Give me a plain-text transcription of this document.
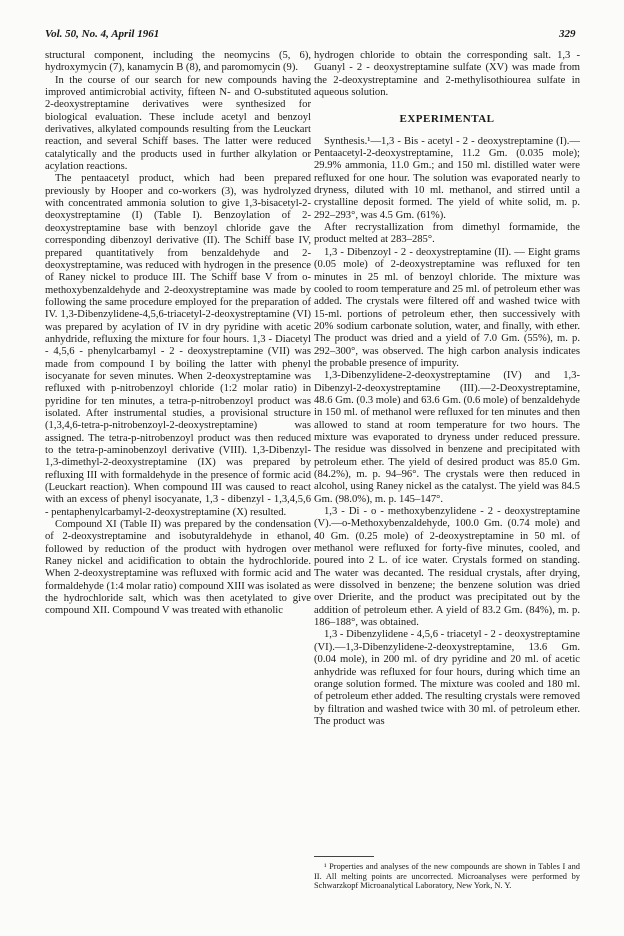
Vol. 50, No. 4, April 1961	329

structural component, including the neomycins (5, 6), hydroxymycin (7), kanamycin B (8), and paromomycin (9).

In the course of our search for new compounds having improved antimicrobial activity, fifteen N- and O-substituted 2-deoxystreptamine derivatives were synthesized for biological evaluation. These include acetyl and benzoyl derivatives, alkylated compounds resulting from the Leuckart reaction, and several Schiff bases. The latter were reduced catalytically and the products used in further alkylation or acylation reactions.

The pentaacetyl product, which had been prepared previously by Hooper and co-workers (3), was hydrolyzed with concentrated ammonia solution to give 1,3-bisacetyl-2-deoxystreptamine (I) (Table I). Benzoylation of 2-deoxystreptamine base with benzoyl chloride gave the corresponding dibenzoyl derivative (II). The Schiff base IV, prepared quantitatively from benzaldehyde and 2-deoxystreptamine, was reduced with hydrogen in the presence of Raney nickel to produce III. The Schiff base V from o-methoxybenzaldehyde and 2-deoxystreptamine was made by following the same procedure employed for the preparation of IV. 1,3-Dibenzylidene-4,5,6-triacetyl-2-deoxystreptamine (VI) was prepared by acylation of IV in dry pyridine with acetic anhydride, refluxing the mixture for four hours. 1,3 - Diacetyl - 4,5,6 - phenylcarbamyl - 2 - deoxystreptamine (VII) was made from compound I by boiling the latter with phenyl isocyanate for seven minutes. When 2-deoxystreptamine was refluxed with p-nitrobenzoyl chloride (1:2 molar ratio) in pyridine for ten minutes, a tetra-p-nitrobenzoyl product was isolated. After instrumental studies, a provisional structure (1,3,4,6-tetra-p-nitrobenzoyl-2-deoxystreptamine) was assigned. The tetra-p-nitrobenzoyl product was then reduced to the tetra-p-aminobenzoyl derivative (VIII). 1,3-Dibenzyl-1,3-dimethyl-2-deoxystreptamine (IX) was prepared by refluxing III with formaldehyde in the presence of formic acid (Leuckart reaction). When compound III was caused to react with an excess of phenyl isocyanate, 1,3 - dibenzyl - 1,3,4,5,6 - pentaphenylcarbamyl-2-deoxystreptamine (X) resulted.

Compound XI (Table II) was prepared by the condensation of 2-deoxystreptamine and isobutyraldehyde in ethanol, followed by reduction of the product with hydrogen over Raney nickel and acidification to obtain the hydrochloride. When 2-deoxystreptamine was refluxed with formic acid and formaldehyde (1:4 molar ratio) compound XIII was isolated as the hydrochloride salt, which was then acetylated to give compound XII. Compound V was treated with ethanolic

hydrogen chloride to obtain the corresponding salt. 1,3 - Guanyl - 2 - deoxystreptamine sulfate (XV) was made from the 2-deoxystreptamine and 2-methylisothiourea sulfate in aqueous solution.

EXPERIMENTAL

Synthesis.¹—1,3 - Bis - acetyl - 2 - deoxystreptamine (I).—Pentaacetyl-2-deoxystreptamine, 11.2 Gm. (0.035 mole); 29.9% ammonia, 11.0 Gm.; and 150 ml. distilled water were refluxed for one hour. The solution was evaporated nearly to dryness, diluted with 10 ml. methanol, and stirred until a crystalline deposit formed. The yield of white solid, m. p. 292–293°, was 4.5 Gm. (61%).

After recrystallization from dimethyl formamide, the product melted at 283–285°.

1,3 - Dibenzoyl - 2 - deoxystreptamine (II). — Eight grams (0.05 mole) of 2-deoxystreptamine was refluxed for ten minutes in 25 ml. of benzoyl chloride. The mixture was cooled to room temperature and 25 ml. of petroleum ether was added. The crystals were filtered off and washed twice with 15-ml. portions of petroleum ether, then successively with 20% sodium carbonate solution, water, and finally, with ether. The product was dried and a yield of 7.0 Gm. (55%), m. p. 292–300°, was observed. The high carbon analysis indicates the probable presence of impurity.

1,3-Dibenzylidene-2-deoxystreptamine (IV) and 1,3-Dibenzyl-2-deoxystreptamine (III).—2-Deoxystreptamine, 48.6 Gm. (0.3 mole) and 63.6 Gm. (0.6 mole) of benzaldehyde in 150 ml. of methanol were refluxed for ten minutes and then allowed to stand at room temperature for two hours. The mixture was evaporated to dryness under reduced pressure. The residue was dissolved in benzene and precipitated with petroleum ether. The yield of desired product was 85.0 Gm. (84.2%), m. p. 94–96°. The crystals were then reduced in alcohol, using Raney nickel as the catalyst. The yield was 84.5 Gm. (98.0%), m. p. 145–147°.

1,3 - Di - o - methoxybenzylidene - 2 - deoxystreptamine (V).—o-Methoxybenzaldehyde, 100.0 Gm. (0.74 mole) and 40 Gm. (0.25 mole) of 2-deoxystreptamine in 50 ml. of methanol were refluxed for forty-five minutes, cooled, and poured into 2 L. of ice water. Crystals formed on standing. The water was decanted. The residual crystals, after drying, were dissolved in benzene; the benzene solution was dried over Drierite, and the product was precipitated out by the addition of petroleum ether. A yield of 83.2 Gm. (84%), m. p. 186–188°, was obtained.

1,3 - Dibenzylidene - 4,5,6 - triacetyl - 2 - deoxystreptamine (VI).—1,3-Dibenzylidene-2-deoxystreptamine, 13.6 Gm. (0.04 mole), in 200 ml. of dry pyridine and 20 ml. of acetic anhydride was refluxed for four hours, during which time an orange solution formed. The mixture was cooled and 180 ml. of petroleum ether added. The resulting crystals were removed by filtration and washed twice with 30 ml. of petroleum ether. The product was

¹ Properties and analyses of the new compounds are shown in Tables I and II. All melting points are uncorrected. Microanalyses were performed by Schwarzkopf Microanalytical Laboratory, New York, N. Y.
